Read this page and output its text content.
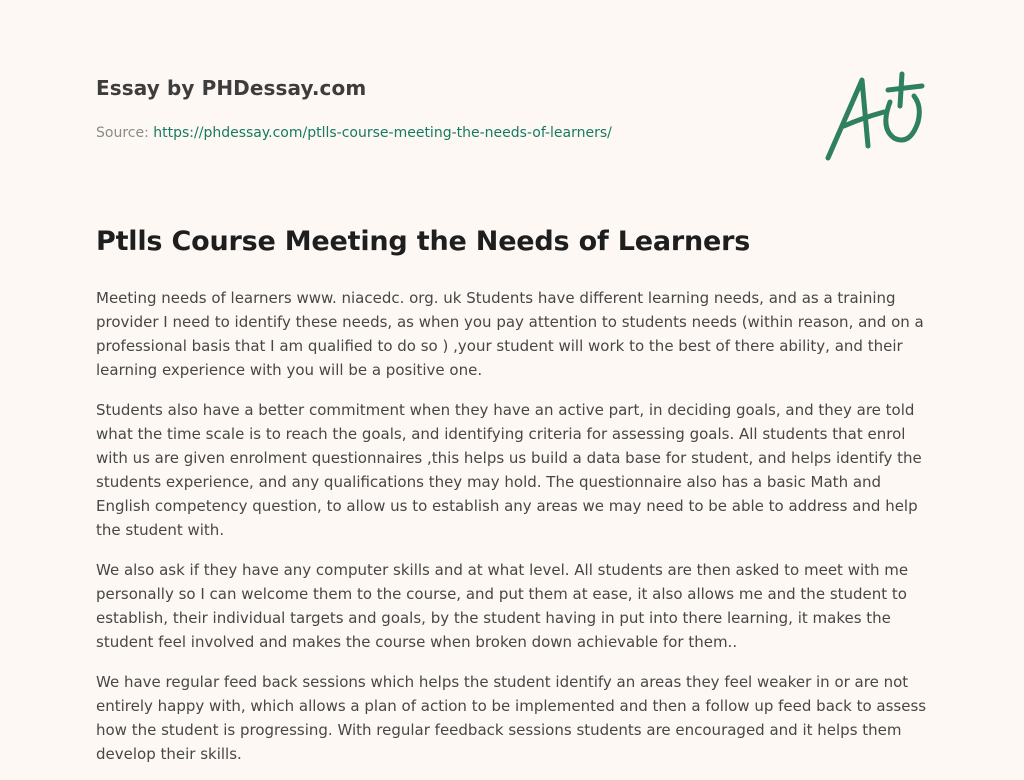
Essay by PHDessay.com
Source: https://phdessay.com/ptlls-course-meeting-the-needs-of-learners/
Ptlls Course Meeting the Needs of Learners

Meeting needs of learners www. niacedc. org. uk Students have different learning needs, and as a training provider I need to identify these needs, as when you pay attention to students needs (within reason, and on a professional basis that I am qualified to do so ) ,your student will work to the best of there ability, and their learning experience with you will be a positive one.

Students also have a better commitment when they have an active part, in deciding goals, and they are told what the time scale is to reach the goals, and identifying criteria for assessing goals. All students that enrol with us are given enrolment questionnaires ,this helps us build a data base for student, and helps identify the students experience, and any qualifications they may hold. The questionnaire also has a basic Math and English competency question, to allow us to establish any areas we may need to be able to address and help the student with.

We also ask if they have any computer skills and at what level. All students are then asked to meet with me personally so I can welcome them to the course, and put them at ease, it also allows me and the student to establish, their individual targets and goals, by the student having in put into there learning, it makes the student feel involved and makes the course when broken down achievable for them..

We have regular feed back sessions which helps the student identify an areas they feel weaker in or are not entirely happy with, which allows a plan of action to be implemented and then a follow up feed back to assess how the student is progressing. With regular feedback sessions students are encouraged and it helps them develop their skills.
